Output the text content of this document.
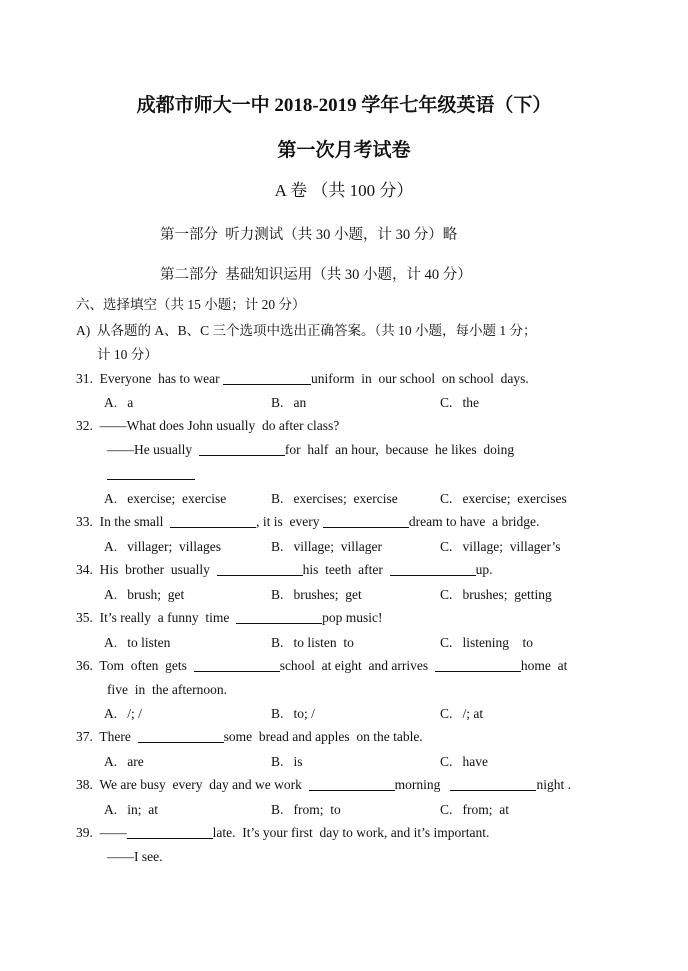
成都市师大一中 2018-2019 学年七年级英语（下）
第一次月考试卷
A 卷 （共 100 分）
第一部分  听力测试（共 30 小题，计 30 分）略
第二部分  基础知识运用（共 30 小题，计 40 分）
六、选择填空（共 15 小题；计 20 分）
A)  从各题的 A、B、C 三个选项中选出正确答案。（共 10 小题，每小题 1 分；
计 10 分）
31. Everyone  has to wear	uniform  in  our school  on school  days.
A.   a	B.   an	C.   the
32. ——What does John usually  do after class?
——He usually	for  half  an hour,  because  he likes  doing
A.   exercise;  exercise	B.   exercises;  exercise	C.   exercise;  exercises
33. In the small	, it is  every	dream to have  a bridge.
A.   villager;  villages	B.   village;  villager	C.   village;  villager’s
34. His  brother  usually	his  teeth  after	up.
A.   brush;  get	B.   brushes;  get	C.   brushes;  getting
35. It’s really  a funny  time	pop music!
A.   to listen	B.   to listen  to	C.   listening    to
36. Tom  often  gets	school  at eight  and arrives	home  at
five  in  the afternoon.
A.   /; /	B.   to; /	C.   /; at
37. There	some  bread and apples  on the table.
A.   are	B.   is	C.   have
38. We are busy  every  day and we work	morning	night .
A.   in;  at	B.   from;  to	C.   from;  at
39. ——	late.  It’s your first  day to work, and it’s important.
——I see.
